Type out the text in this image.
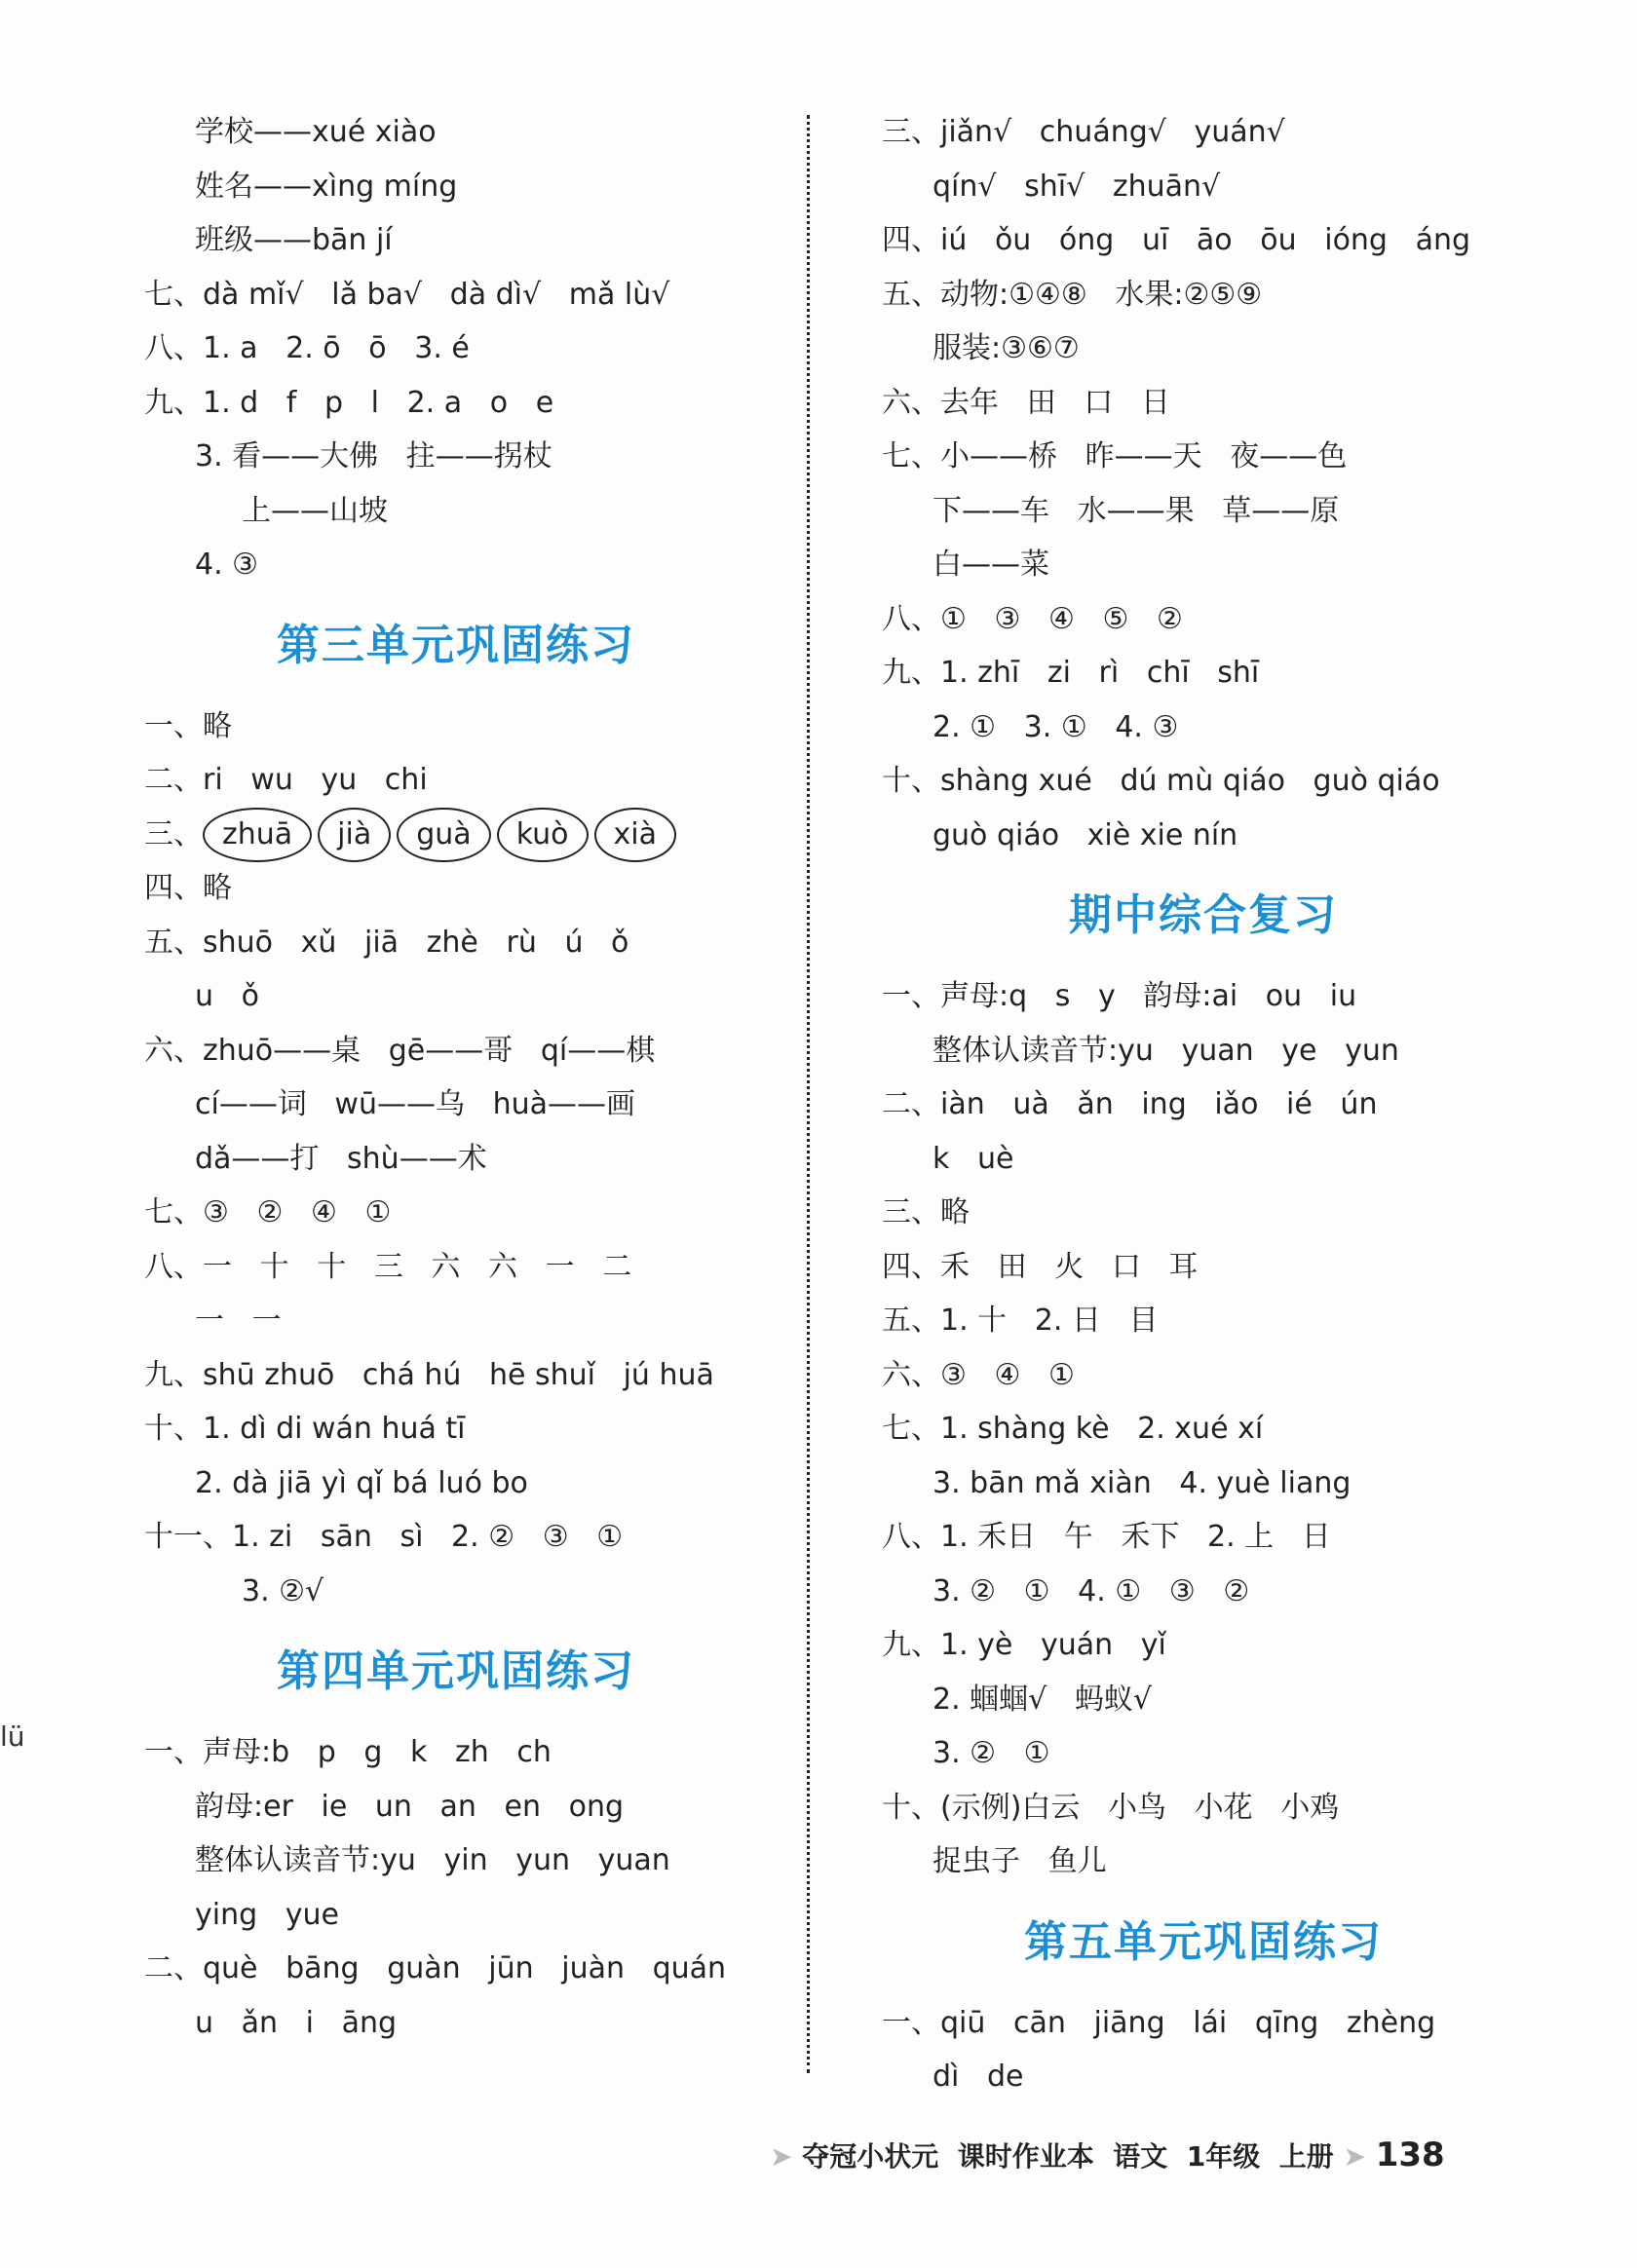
学校——xué xiào
姓名——xìng míng
班级——bān jí
七、dà mǐ√   lǎ ba√   dà dì√   mǎ lù√
八、1. a   2. ō   ō   3. é
九、1. d   f   p   l   2. a   o   e
3. 看——大佛   拄——拐杖
上——山坡
4. ③
第三单元巩固练习
一、略
二、ri   wu   yu   chi
三、 zhuā jià guà kuò xià
四、略
五、shuō   xǔ   jiā   zhè   rù   ú   ǒ
u   ǒ
六、zhuō——桌   gē——哥   qí——棋
cí——词   wū——乌   huà——画
dǎ——打   shù——术
七、③   ②   ④   ①
八、一   十   十   三   六   六   一   二
一   一
九、shū zhuō   chá hú   hē shuǐ   jú huā
十、1. dì di wán huá tī
2. dà jiā yì qǐ bá luó bo
十一、1. zi   sān   sì   2. ②   ③   ①
3. ②√
第四单元巩固练习
一、声母:b   p   g   k   zh   ch
韵母:er   ie   un   an   en   ong
整体认读音节:yu   yin   yun   yuan
ying   yue
二、què   bāng   guàn   jūn   juàn   quán
u   ǎn   i   āng
三、jiǎn√   chuáng√   yuán√
qín√   shī√   zhuān√
四、iú   ǒu   óng   uī   āo   ōu   ióng   áng
五、动物:①④⑧   水果:②⑤⑨
服装:③⑥⑦
六、去年   田   口   日
七、小——桥   昨——天   夜——色
下——车   水——果   草——原
白——菜
八、①   ③   ④   ⑤   ②
九、1. zhī   zi   rì   chī   shī
2. ①   3. ①   4. ③
十、shàng xué   dú mù qiáo   guò qiáo
guò qiáo   xiè xie nín
期中综合复习
一、声母:q   s   y   韵母:ai   ou   iu
整体认读音节:yu   yuan   ye   yun
二、iàn   uà   ǎn   ing   iǎo   ié   ún
k   uè
三、略
四、禾   田   火   口   耳
五、1. 十   2. 日   目
六、③   ④   ①
七、1. shàng kè   2. xué xí
3. bān mǎ xiàn   4. yuè liang
八、1. 禾日   午   禾下   2. 上   日
3. ②   ①   4. ①   ③   ②
九、1. yè   yuán   yǐ
2. 蝈蝈√   蚂蚁√
3. ②   ①
十、(示例)白云   小鸟   小花   小鸡
捉虫子   鱼儿
第五单元巩固练习
一、qiū   cān   jiāng   lái   qīng   zhèng
dì   de
lü
➤ 夺冠小状元 课时作业本 语文 1年级 上册 ➤ 138
